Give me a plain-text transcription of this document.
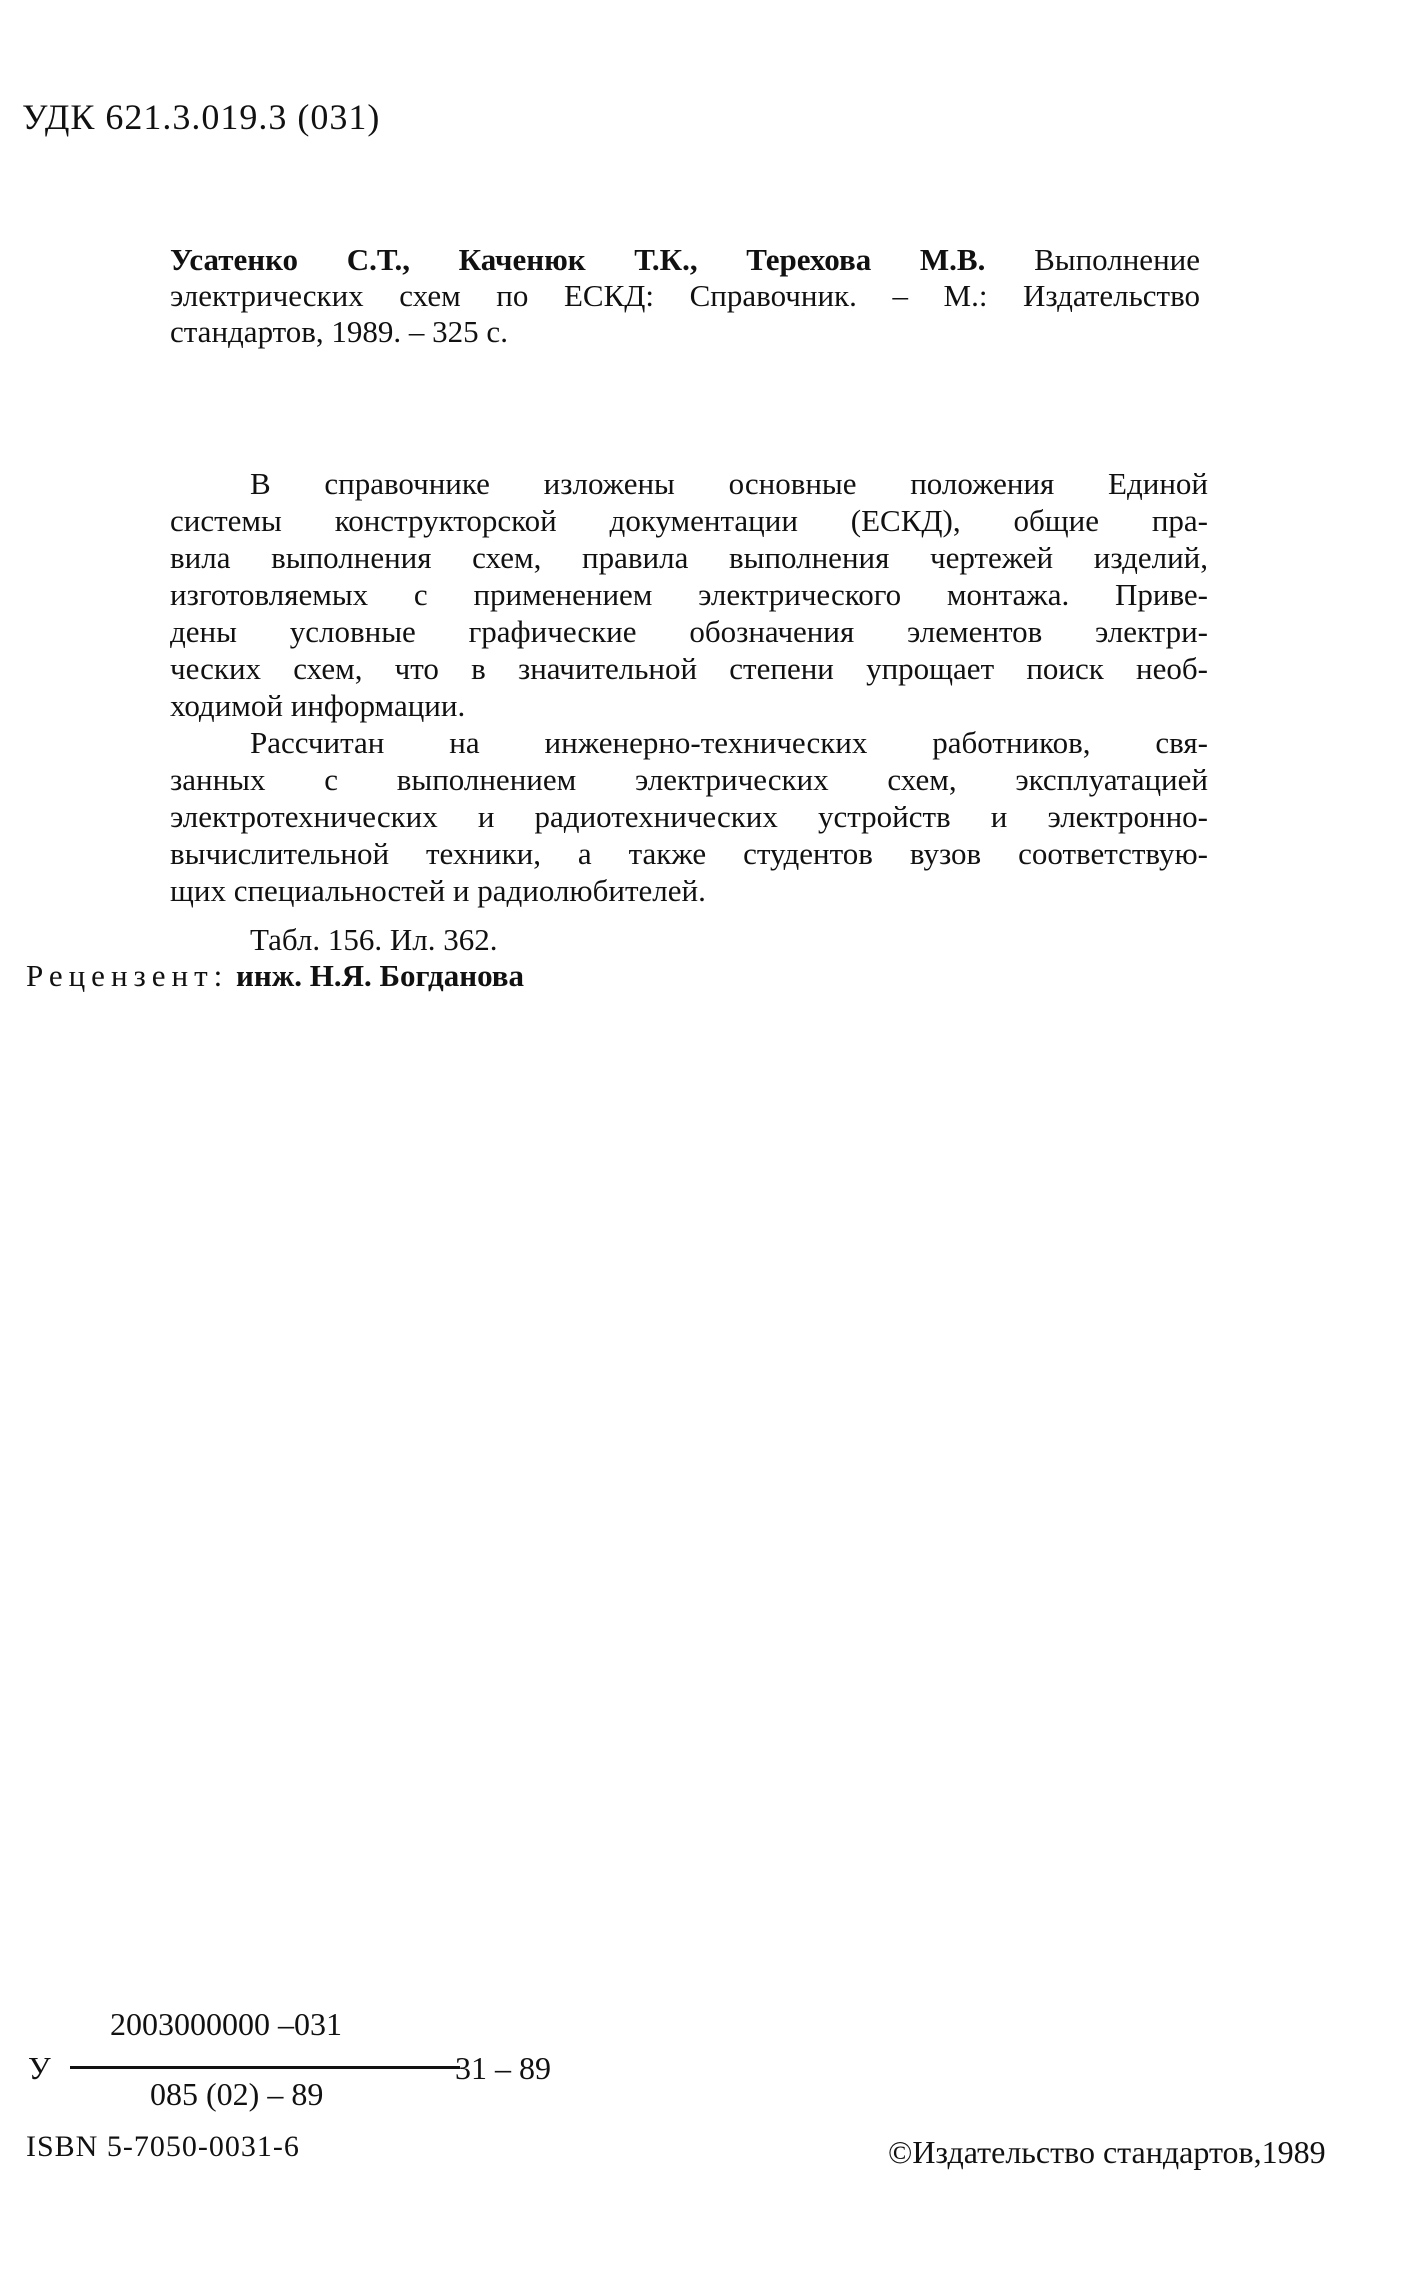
УДК 621.3.019.3 (031)
Усатенко С.Т., Каченюк Т.К., Терехова М.В. Выполнение
электрических схем по ЕСКД: Справочник. – М.: Издательство
стандартов, 1989. – 325 с.
В справочнике изложены основные положения Единой
системы конструкторской документации (ЕСКД), общие пра-
вила выполнения схем, правила выполнения чертежей изделий,
изготовляемых с применением электрического монтажа. Приве-
дены условные графические обозначения элементов электри-
ческих схем, что в значительной степени упрощает поиск необ-
ходимой информации.
Рассчитан на инженерно-технических работников, свя-
занных с выполнением электрических схем, эксплуатацией
электротехнических и радиотехнических устройств и электронно-
вычислительной техники, а также студентов вузов соответствую-
щих специальностей и радиолюбителей.
Табл. 156. Ил. 362.
Рецензент: инж. Н.Я. Богданова
У
2003000000 –031
085 (02) – 89
31 – 89
ISBN 5-7050-0031-6	©Издательство стандартов,1989
